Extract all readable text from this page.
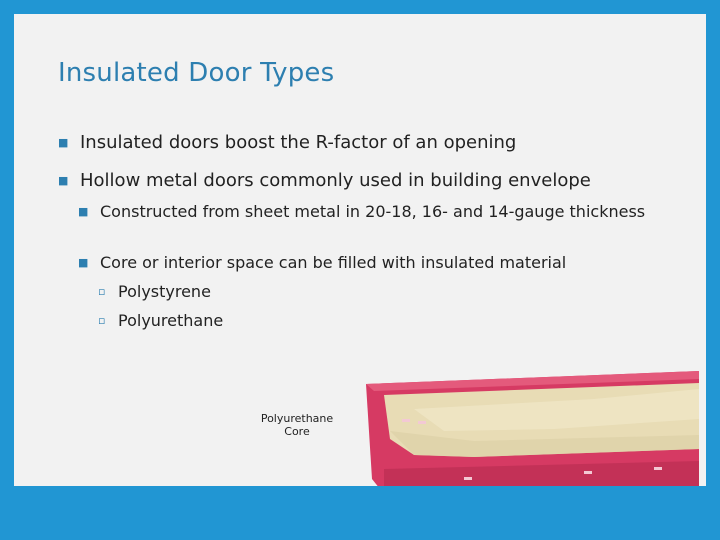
Insulated Door Types
■ Insulated doors boost the R-factor of an opening
■ Hollow metal doors commonly used in building envelope
■ Constructed from sheet metal in 20-18, 16- and 14-gauge thickness
■ Core or interior space can be filled with insulated material
▫ Polystyrene
▫ Polyurethane
Polyurethane
Core
